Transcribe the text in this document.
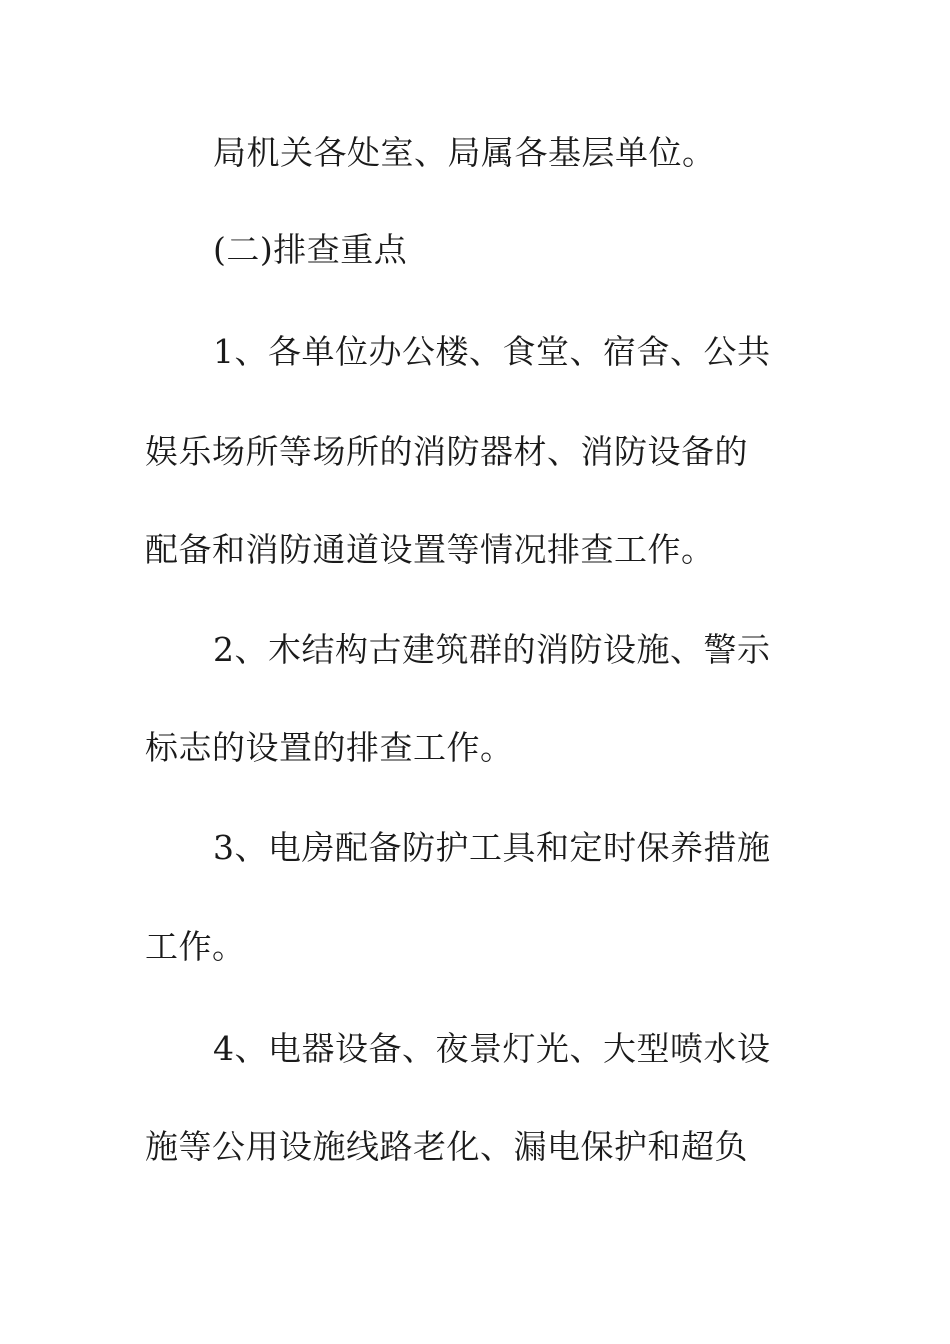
局机关各处室、局属各基层单位。
(二)排查重点
1、各单位办公楼、食堂、宿舍、公共
娱乐场所等场所的消防器材、消防设备的
配备和消防通道设置等情况排查工作。
2、木结构古建筑群的消防设施、警示
标志的设置的排查工作。
3、电房配备防护工具和定时保养措施
工作。
4、电器设备、夜景灯光、大型喷水设
施等公用设施线路老化、漏电保护和超负
